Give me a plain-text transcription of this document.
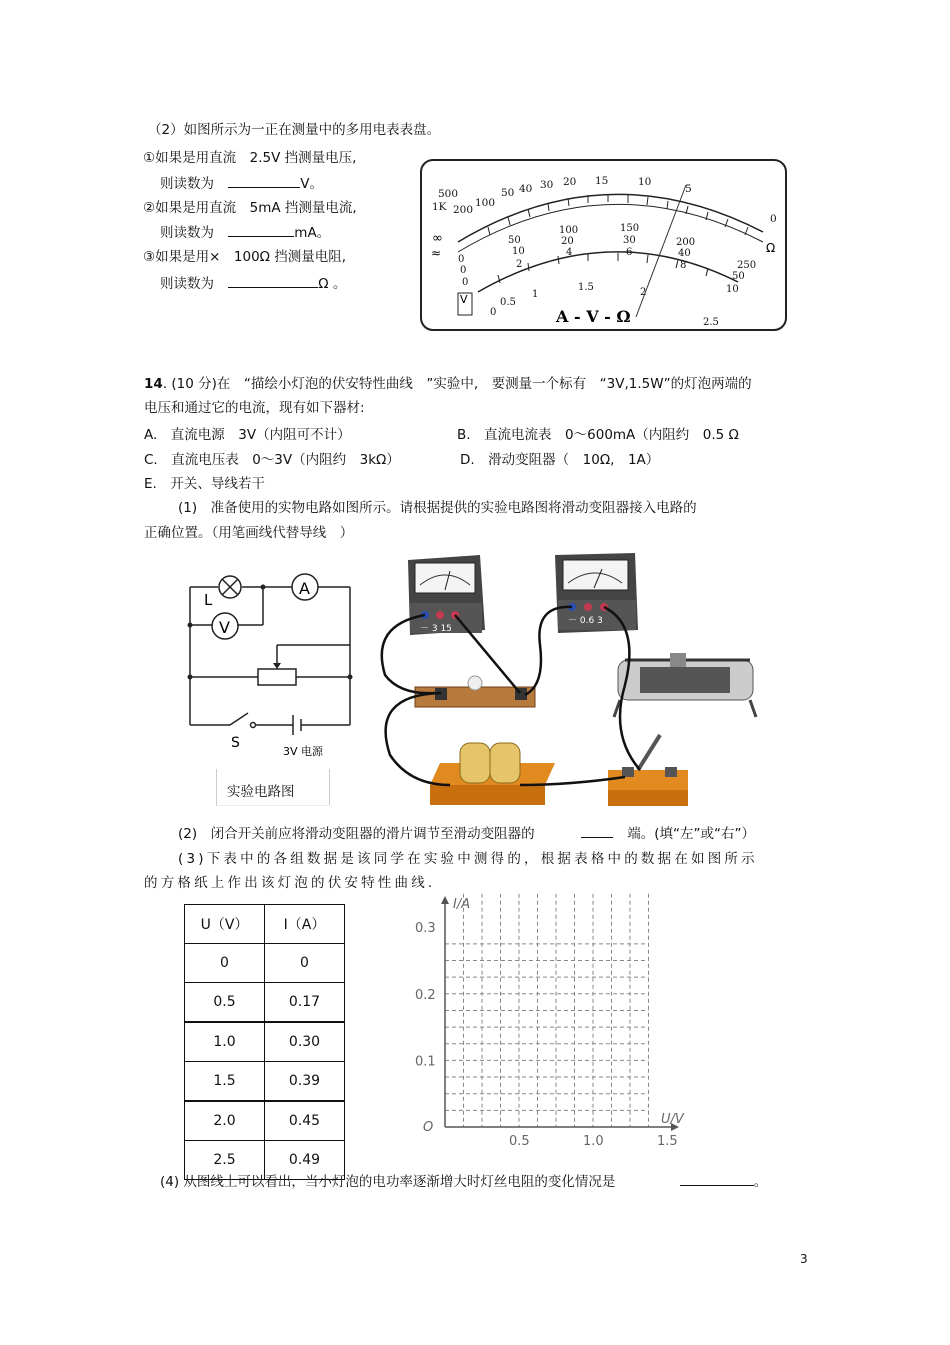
（2）如图所示为一正在测量中的多用电表表盘。
①如果是用直流　2.5V 挡测量电压,
则读数为	V。
②如果是用直流　5mA 挡测量电流,
则读数为	mA。
③如果是用×　100Ω 挡测量电阻,
则读数为	Ω 。
500
1K 200
100
50 40 30 20 15	10
5
0
∞
≈	Ω
0
50
100	150
200
250
0
10
20	30
40
50
0
2
4	6
8
10
0
0.5
1
1.5	2
2.5
V
A - V - Ω
14. (10 分)在　“描绘小灯泡的伏安特性曲线　”实验中,　要测量一个标有　“3V,1.5W”的灯泡两端的
电压和通过它的电流，现有如下器材:
A.　直流电源　3V（内阻可不计）	B.　直流电流表　0～600mA（内阻约　0.5 Ω
C.　直流电压表　0～3V（内阻约　3kΩ）	D.　滑动变阻器（　10Ω,　1A）
E.　开关、导线若干
(1)　准备使用的实物电路如图所示。请根据提供的实验电路图将滑动变阻器接入电路的
正确位置。（用笔画线代替导线　）
L
V
A
S
3V 电源
实验电路图
－ 3 15
－ 0.6 3
(2)　闭合开关前应将滑动变阻器的滑片调节至滑动变阻器的	端。(填“左”或“右”）
(3)下表中的各组数据是该同学在实验中测得的，根据表格中的数据在如图所示
的方格纸上作出该灯泡的伏安特性曲线.
U（V）	I（A）
0	0
0.5	0.17
1.0	0.30
1.5	0.39
2.0	0.45
2.5	0.49
0.5	1.0	1.5
0.1
0.2
0.3
O
U/V
I/A
(4) 从图线上可以看出，当小灯泡的电功率逐渐增大时灯丝电阻的变化情况是	。
3
